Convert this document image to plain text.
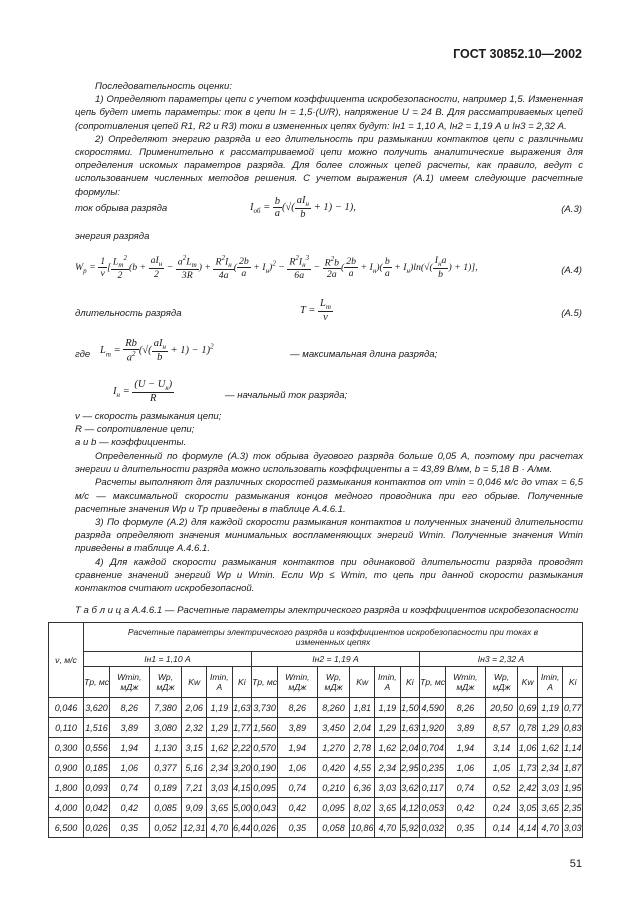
ГОСТ 30852.10—2002

Последовательность оценки:

1) Определяют параметры цепи с учетом коэффициента искробезопасности, например 1,5. Измененная цепь будет иметь параметры: ток в цепи Iн = 1,5·(U/R), напряжение U = 24 В. Для рассматриваемых цепей (сопротивления цепей R1, R2 и R3) токи в измененных цепях будут: Iн1 = 1,10 А, Iн2 = 1,19 А и Iн3 = 2,32 А.

2) Определяют энергию разряда и его длительность при размыкании контактов цепи с различными скоростями. Применительно к рассматриваемой цепи можно получить аналитические выражения для определения искомых параметров разряда. Для более сложных цепей расчеты, как правило, ведут с использованием численных методов решения. С учетом выражения (А.1) имеем следующие расчетные формулы:

ток обрыва разряда	$I_{об} = \frac{b}{a}$ (√( $\frac{aI_н}{b} + 1) - 1$),	(А.3)
энергия разряда
$W_р = \frac{1}{\nu}$ [ $\frac{L_m^2}{2} (b + \frac{aI_н}{2} - \frac{a^2L_m}{3R}$ ) + $\frac{R^2I_н}{4a}$ ( $\frac{2b}{a} + I_н)^2 - \frac{R^2I_н^3}{6a} - \frac{R^2b}{2a}$ ( $\frac{2b}{a} + I_н)( \frac{b}{a} + I_н)\ln(√( \frac{I_нa}{b}$ ) + 1)],	(А.4)
длительность разряда	$T = \frac{L_m}{\nu}$	(А.5)
где $L_m = \frac{Rb}{a^2}$ (√( $\frac{aI_н}{b} + 1) - 1)^2$
— максимальная длина разряда;
$I_н = \frac{(U - U_к)}{R}$	— начальный ток разряда;

ν — скорость размыкания цепи;

R — сопротивление цепи;

a и b — коэффициенты.

Определенный по формуле (А.3) ток обрыва дугового разряда больше 0,05 А, поэтому при расчетах энергии и длительности разряда можно использовать коэффициенты a = 43,89 В/мм, b = 5,18 В · А/мм.

Расчеты выполняют для различных скоростей размыкания контактов от νmin = 0,046 м/с до νmax = 6,5 м/с — максимальной скорости размыкания концов медного проводника при его обрыве. Полученные расчетные значения Wр и Tр приведены в таблице А.4.6.1.

3) По формуле (А.2) для каждой скорости размыкания контактов и полученных значений длительности разряда определяют значения минимальных воспламеняющих энергий Wmin. Полученные значения Wmin приведены в таблице А.4.6.1.

4) Для каждой скорости размыкания контактов при одинаковой длительности разряда проводят сравнение значений энергий Wр и Wmin. Если Wр ≤ Wmin, то цепь при данной скорости размыкания контактов считают искробезопасной.

Т а б л и ц а А.4.6.1 — Расчетные параметры электрического разряда и коэффициентов искробезопасности
ν, м/с	Расчетные параметры электрического разряда и коэффициентов искробезопасности при токах в измененных цепях																	
	Iн1 = 1,10 А						Iн2 = 1,19 А						Iн3 = 2,32 А					
	Tр, мс	Wmin, мДж	Wр, мДж	Kw	Imin, А	Ki	Tр, мс	Wmin, мДж	Wр, мДж	Kw	Imin, А	Ki	Tр, мс	Wmin, мДж	Wр, мДж	Kw	Imin, А	Ki
0,046	3,620	8,26	7,380	2,06	1,19	1,63	3,730	8,26	8,260	1,81	1,19	1,50	4,590	8,26	20,50	0,69	1,19	0,77
0,110	1,516	3,89	3,080	2,32	1,29	1,77	1,560	3,89	3,450	2,04	1,29	1,63	1,920	3,89	8,57	0,78	1,29	0,83
0,300	0,556	1,94	1,130	3,15	1,62	2,22	0,570	1,94	1,270	2,78	1,62	2,04	0,704	1,94	3,14	1,06	1,62	1,14
0,900	0,185	1,06	0,377	5,16	2,34	3,20	0,190	1,06	0,420	4,55	2,34	2,95	0,235	1,06	1,05	1,73	2,34	1,87
1,800	0,093	0,74	0,189	7,21	3,03	4,15	0,095	0,74	0,210	6,36	3,03	3,62	0,117	0,74	0,52	2,42	3,03	1,95
4,000	0,042	0,42	0,085	9,09	3,65	5,00	0,043	0,42	0,095	8,02	3,65	4,12	0,053	0,42	0,24	3,05	3,65	2,35
6,500	0,026	0,35	0,052	12,31	4,70	6,44	0,026	0,35	0,058	10,86	4,70	5,92	0,032	0,35	0,14	4,14	4,70	3,03
51
